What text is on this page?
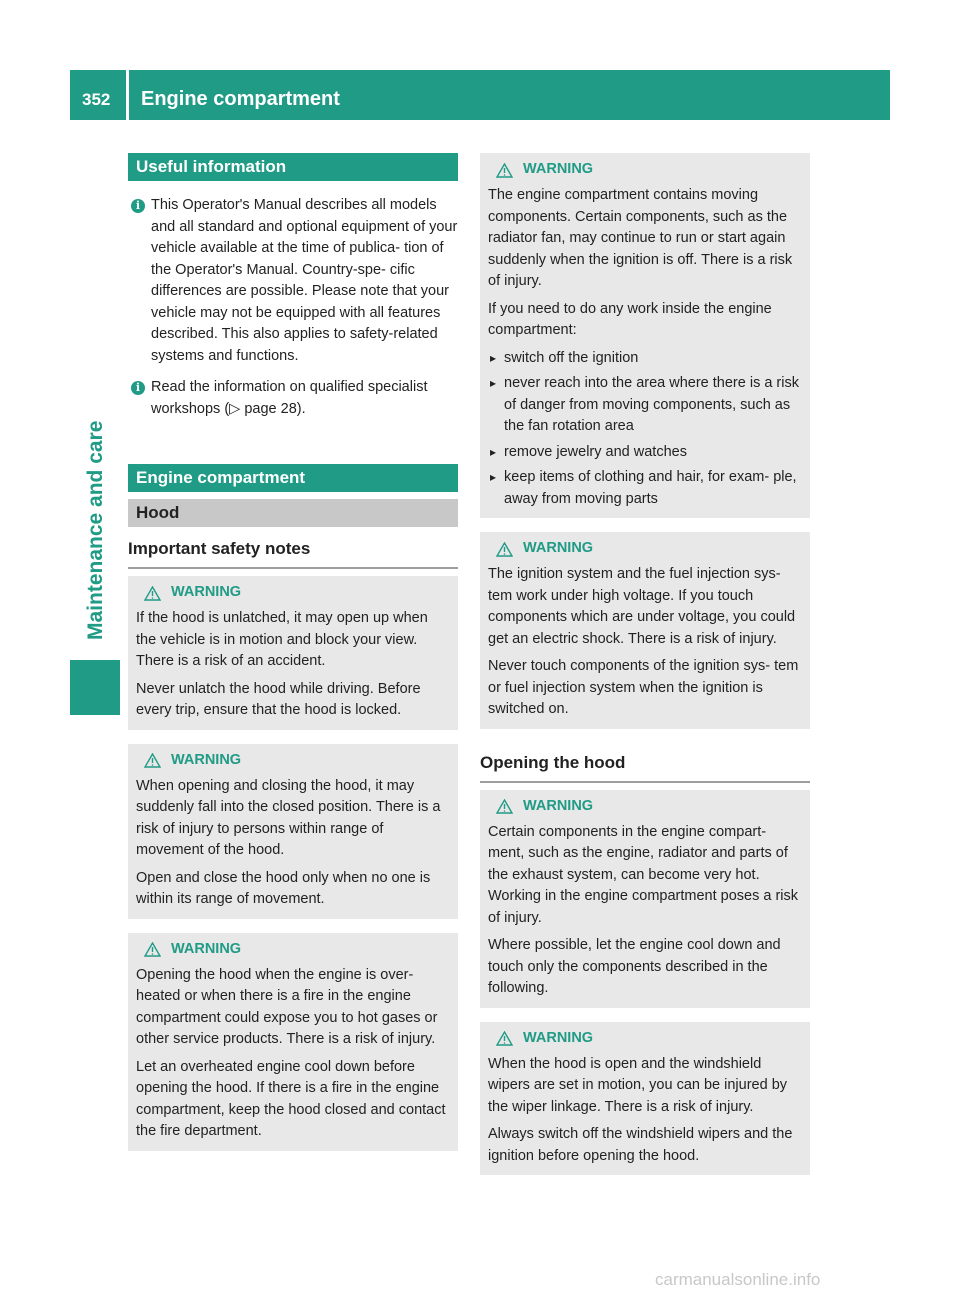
352 Engine compartment
Maintenance and care
Useful information
i This Operator's Manual describes all models and all standard and optional equipment of your vehicle available at the time of publica- tion of the Operator's Manual. Country-spe- cific differences are possible. Please note that your vehicle may not be equipped with all features described. This also applies to safety-related systems and functions.
i Read the information on qualified specialist workshops (▷ page 28).
Engine compartment
Hood
Important safety notes
WARNING

If the hood is unlatched, it may open up when the vehicle is in motion and block your view. There is a risk of an accident.

Never unlatch the hood while driving. Before every trip, ensure that the hood is locked.

WARNING

When opening and closing the hood, it may suddenly fall into the closed position. There is a risk of injury to persons within range of movement of the hood.

Open and close the hood only when no one is within its range of movement.

WARNING

Opening the hood when the engine is over- heated or when there is a fire in the engine compartment could expose you to hot gases or other service products. There is a risk of injury.

Let an overheated engine cool down before opening the hood. If there is a fire in the engine compartment, keep the hood closed and contact the fire department.

WARNING

The engine compartment contains moving components. Certain components, such as the radiator fan, may continue to run or start again suddenly when the ignition is off. There is a risk of injury.

If you need to do any work inside the engine compartment:

▸ switch off the ignition
▸ never reach into the area where there is a risk of danger from moving components, such as the fan rotation area
▸ remove jewelry and watches
▸ keep items of clothing and hair, for exam- ple, away from moving parts
WARNING

The ignition system and the fuel injection sys- tem work under high voltage. If you touch components which are under voltage, you could get an electric shock. There is a risk of injury.

Never touch components of the ignition sys- tem or fuel injection system when the ignition is switched on.

Opening the hood
WARNING

Certain components in the engine compart- ment, such as the engine, radiator and parts of the exhaust system, can become very hot. Working in the engine compartment poses a risk of injury.

Where possible, let the engine cool down and touch only the components described in the following.

WARNING

When the hood is open and the windshield wipers are set in motion, you can be injured by the wiper linkage. There is a risk of injury.

Always switch off the windshield wipers and the ignition before opening the hood.

carmanualsonline.info
